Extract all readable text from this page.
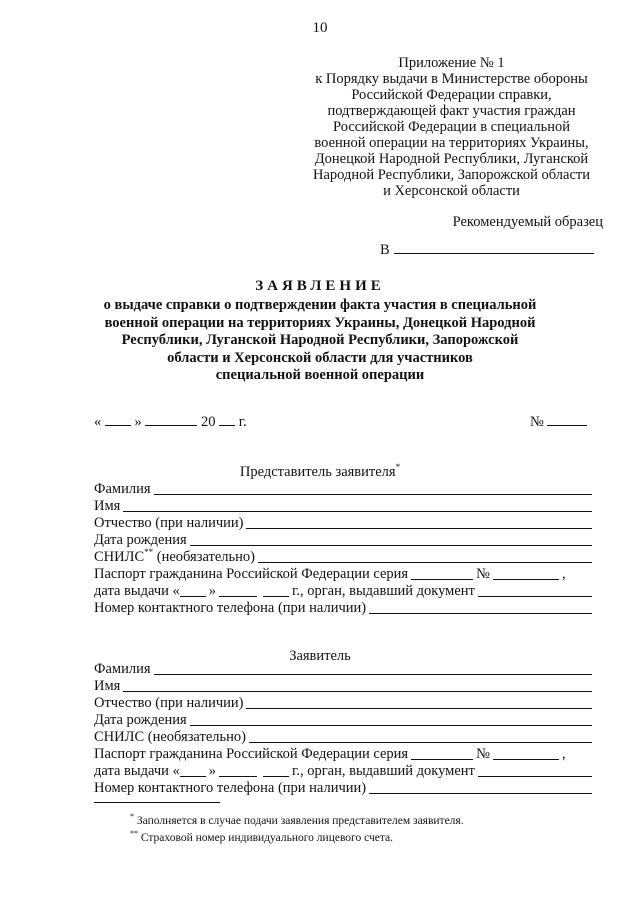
10
Приложение № 1
к Порядку выдачи в Министерстве обороны
Российской Федерации справки,
подтверждающей факт участия граждан
Российской Федерации в специальной
военной операции на территориях Украины,
Донецкой Народной Республики, Луганской
Народной Республики, Запорожской области
и Херсонской области
Рекомендуемый образец
В
ЗАЯВЛЕНИЕ
о выдаче справки о подтверждении факта участия в специальной
военной операции на территориях Украины, Донецкой Народной
Республики, Луганской Народной Республики, Запорожской
области и Херсонской области для участников
специальной военной операции
« »	20 г.	№
Представитель заявителя*
Фамилия
Имя
Отчество (при наличии)
Дата рождения
СНИЛС** (необязательно)
Паспорт гражданина Российской Федерации серия	№	,
дата выдачи « »	г., орган, выдавший документ
Номер контактного телефона (при наличии)
Заявитель
Фамилия
Имя
Отчество (при наличии)
Дата рождения
СНИЛС (необязательно)
Паспорт гражданина Российской Федерации серия	№	,
дата выдачи « »	г., орган, выдавший документ
Номер контактного телефона (при наличии)
* Заполняется в случае подачи заявления представителем заявителя.
** Страховой номер индивидуального лицевого счета.
